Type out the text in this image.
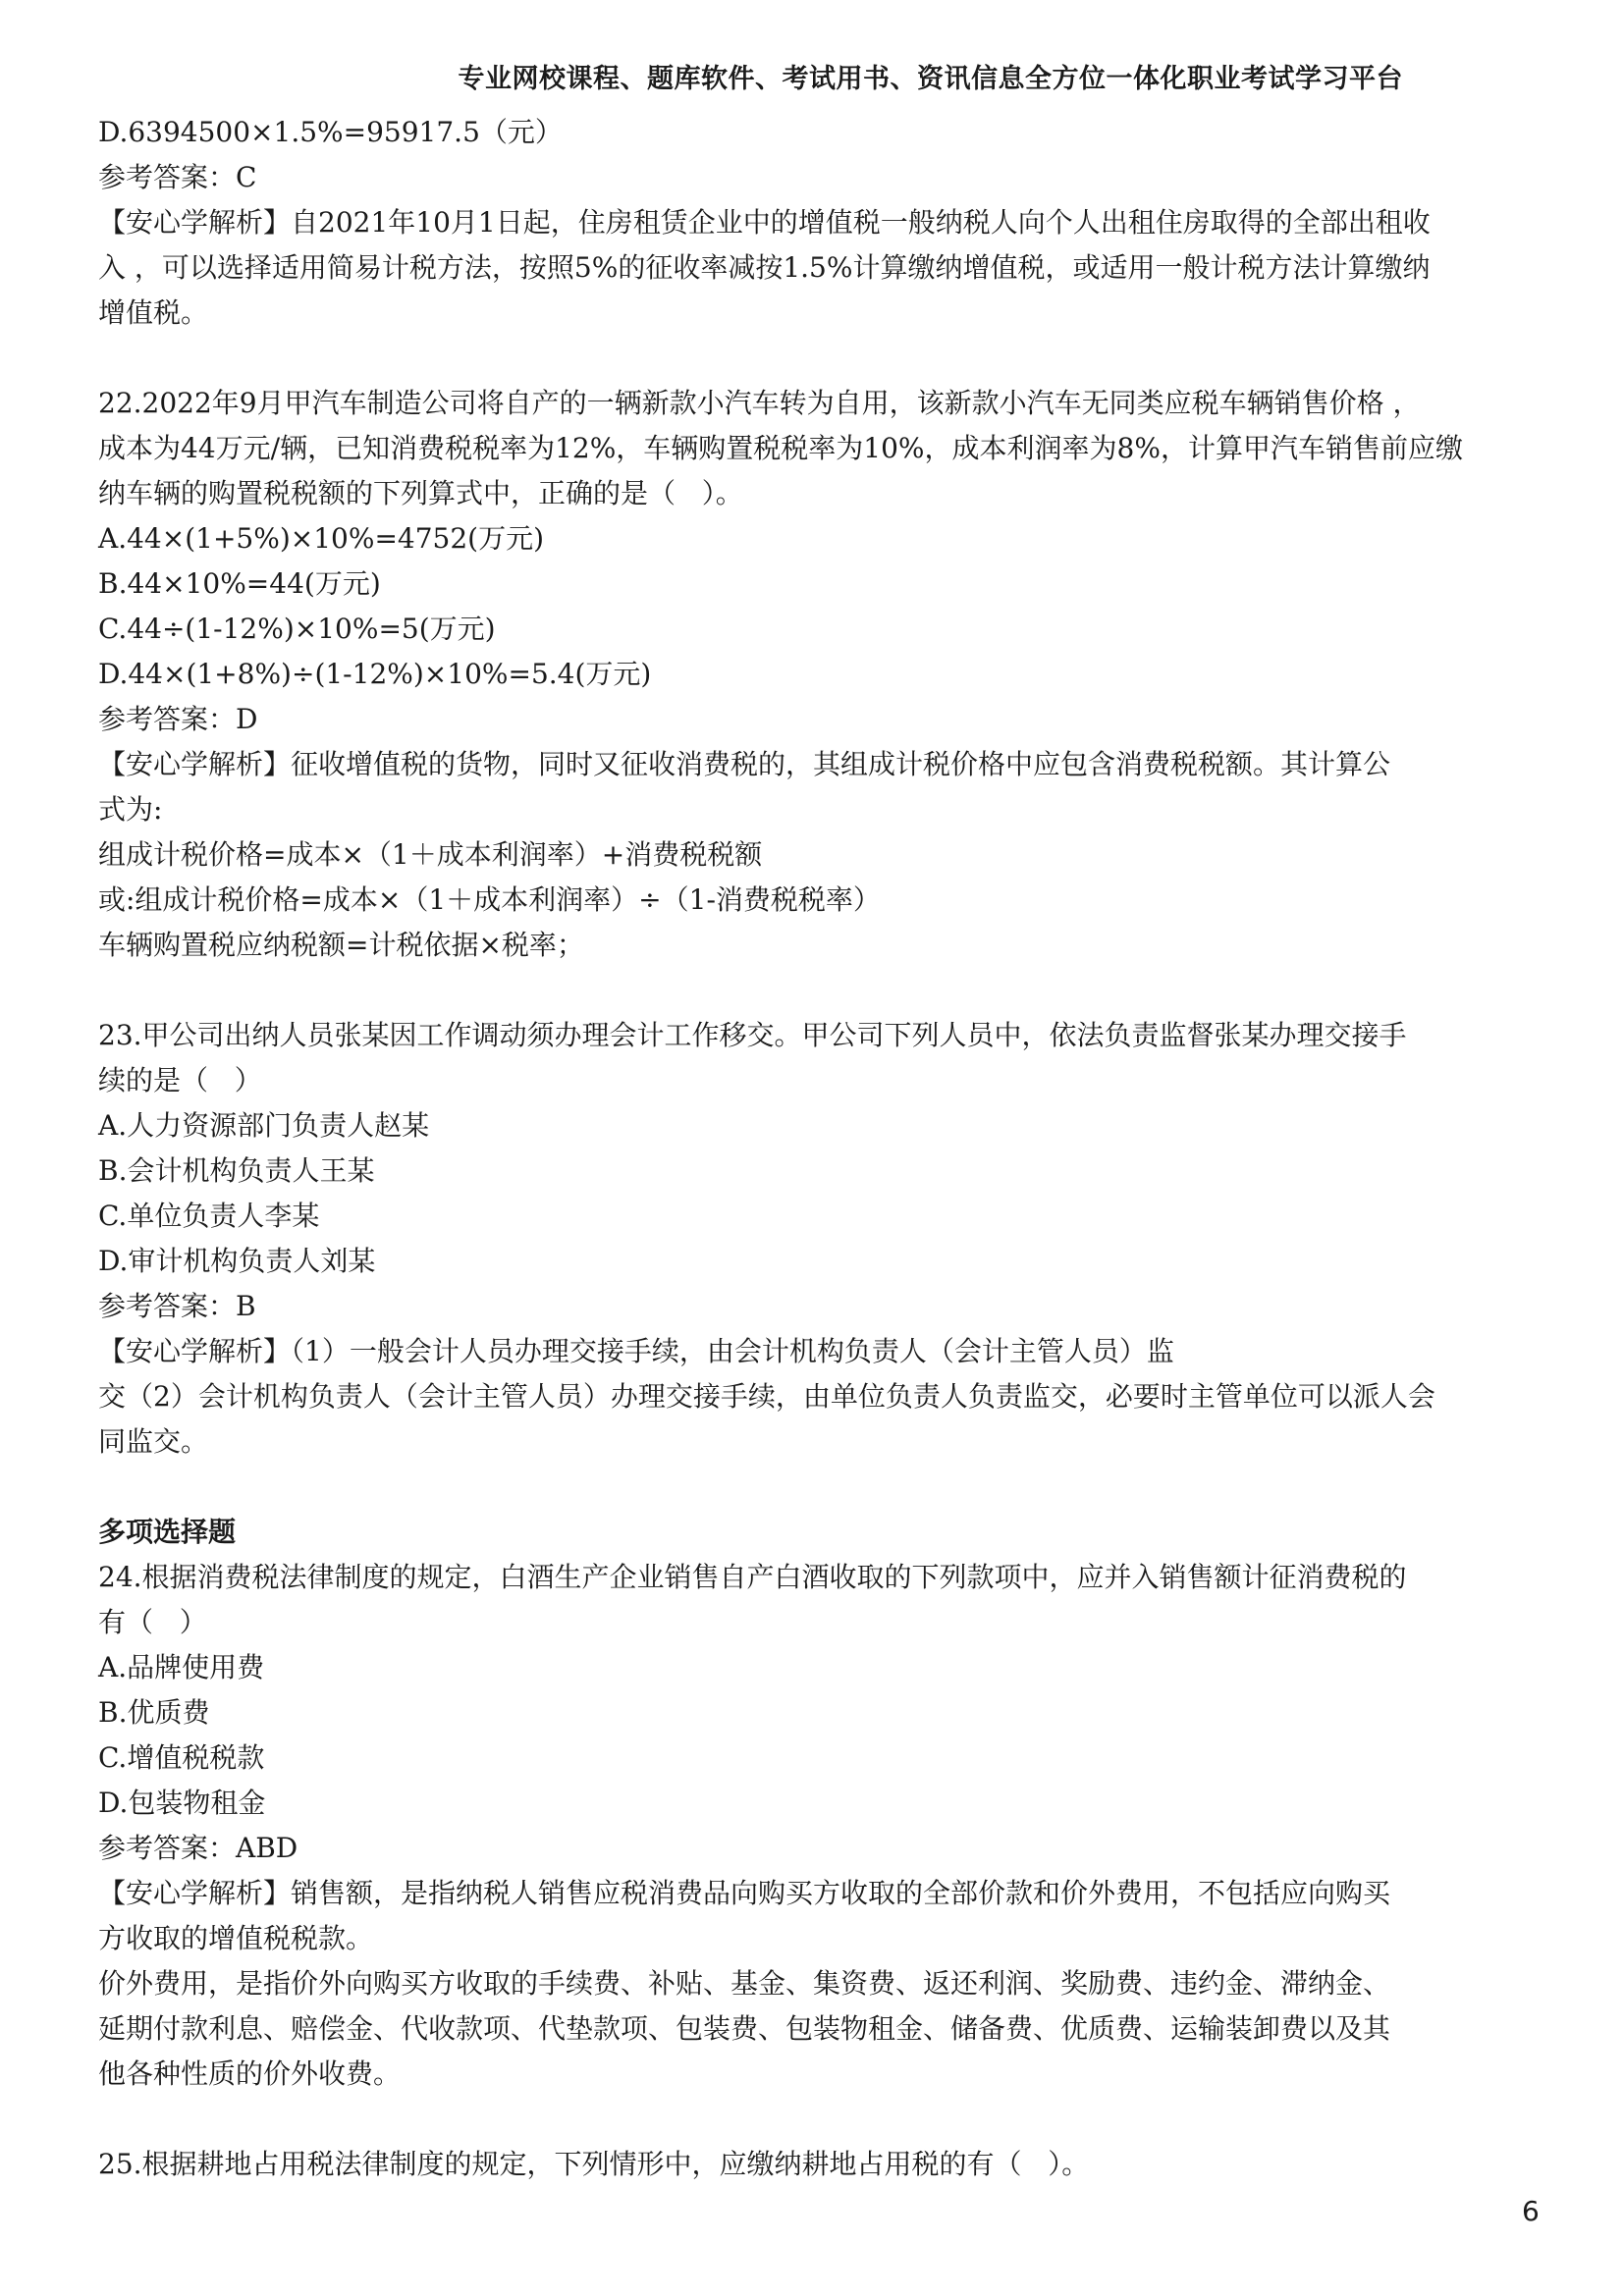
专业网校课程、题库软件、考试用书、资讯信息全方位一体化职业考试学习平台
D.6394500×1.5%=95917.5（元）
参考答案：C
【安心学解析】自2021年10月1日起，住房租赁企业中的增值税一般纳税人向个人出租住房取得的全部出租收
入 ，可以选择适用简易计税方法，按照5%的征收率减按1.5%计算缴纳增值税，或适用一般计税方法计算缴纳
增值税。
22.2022年9月甲汽车制造公司将自产的一辆新款小汽车转为自用，该新款小汽车无同类应税车辆销售价格 ，
成本为44万元/辆，已知消费税税率为12%，车辆购置税税率为10%，成本利润率为8%，计算甲汽车销售前应缴
纳车辆的购置税税额的下列算式中，正确的是（   ）。
A.44×(1+5%)×10%=4752(万元)
B.44×10%=44(万元)
C.44÷(1-12%)×10%=5(万元)
D.44×(1+8%)÷(1-12%)×10%=5.4(万元)
参考答案：D
【安心学解析】征收增值税的货物，同时又征收消费税的，其组成计税价格中应包含消费税税额。其计算公
式为:
组成计税价格=成本×（1＋成本利润率）+消费税税额
或:组成计税价格=成本×（1＋成本利润率）÷（1-消费税税率）
车辆购置税应纳税额=计税依据×税率；
23.甲公司出纳人员张某因工作调动须办理会计工作移交。甲公司下列人员中，依法负责监督张某办理交接手
续的是（   ）
A.人力资源部门负责人赵某
B.会计机构负责人王某
C.单位负责人李某
D.审计机构负责人刘某
参考答案：B
【安心学解析】（1）一般会计人员办理交接手续，由会计机构负责人（会计主管人员）监
交（2）会计机构负责人（会计主管人员）办理交接手续，由单位负责人负责监交，必要时主管单位可以派人会
同监交。
多项选择题
24.根据消费税法律制度的规定，白酒生产企业销售自产白酒收取的下列款项中，应并入销售额计征消费税的
有（   ）
A.品牌使用费
B.优质费
C.增值税税款
D.包装物租金
参考答案：ABD
【安心学解析】销售额，是指纳税人销售应税消费品向购买方收取的全部价款和价外费用，不包括应向购买
方收取的增值税税款。
价外费用，是指价外向购买方收取的手续费、补贴、基金、集资费、返还利润、奖励费、违约金、滞纳金、
延期付款利息、赔偿金、代收款项、代垫款项、包装费、包装物租金、储备费、优质费、运输装卸费以及其
他各种性质的价外收费。
25.根据耕地占用税法律制度的规定，下列情形中，应缴纳耕地占用税的有（   ）。
6
